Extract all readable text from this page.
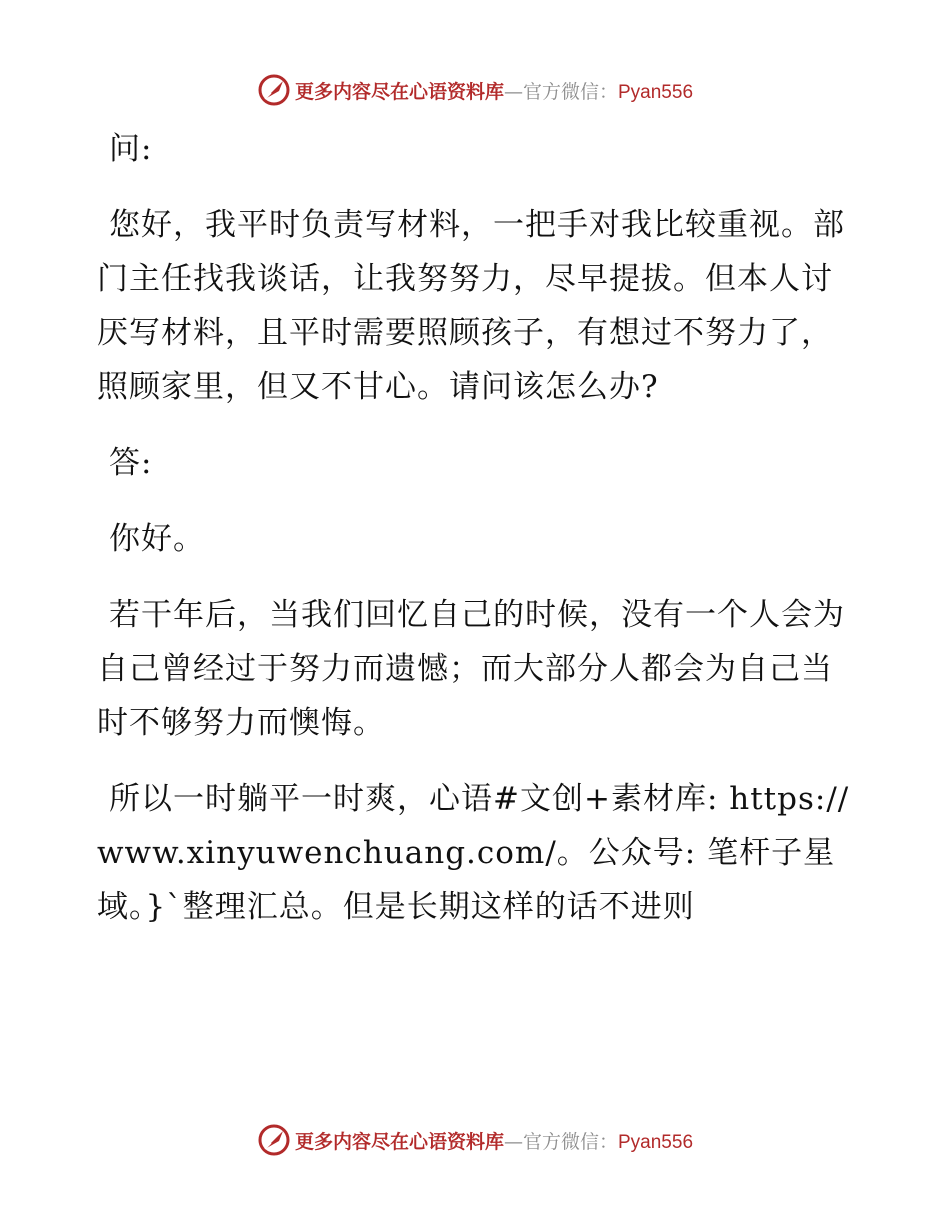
更多内容尽在心语资料库—官方微信：Pyan556

问:

您好，我平时负责写材料，一把手对我比较重视。部门主任找我谈话，让我努努力，尽早提拔。但本人讨厌写材料，且平时需要照顾孩子，有想过不努力了，照顾家里，但又不甘心。请问该怎么办?

答:

你好。

若干年后，当我们回忆自己的时候，没有一个人会为自己曾经过于努力而遗憾；而大部分人都会为自己当时不够努力而懊悔。

所以一时躺平一时爽，心语#文创+素材库: https://www.xinyuwenchuang.com/。公众号: 笔杆子星域。}`整理汇总。但是长期这样的话不进则

更多内容尽在心语资料库—官方微信：Pyan556
